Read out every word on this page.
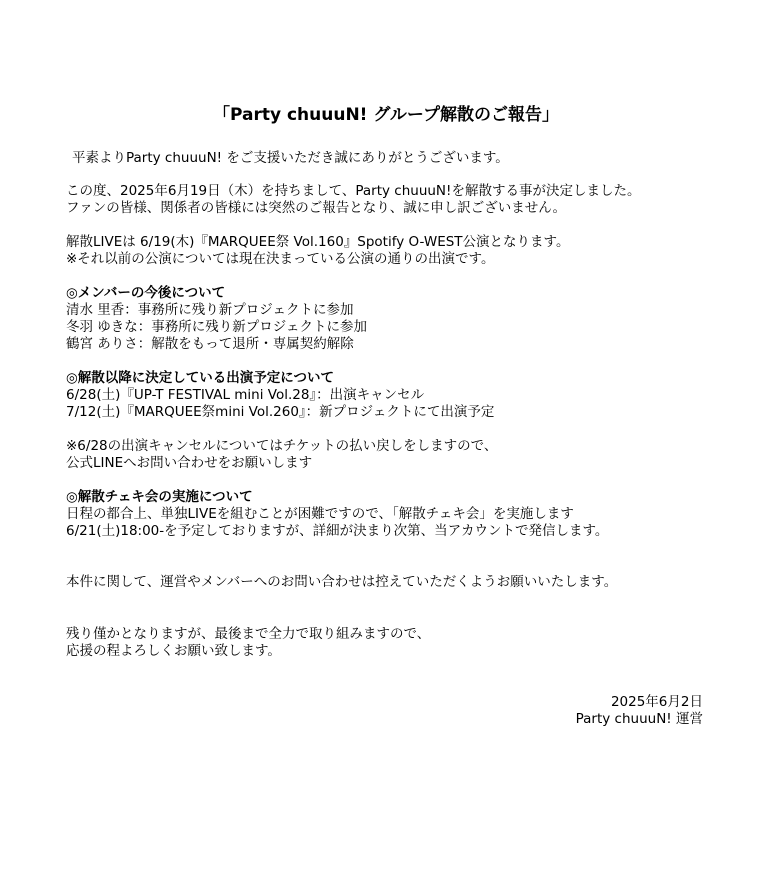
「Party chuuuN! グループ解散のご報告」
平素よりParty chuuuN! をご支援いただき誠にありがとうございます。
この度、2025年6月19日（木）を持ちまして、Party chuuuN!を解散する事が決定しました。
ファンの皆様、関係者の皆様には突然のご報告となり、誠に申し訳ございません。
解散LIVEは 6/19(木)『MARQUEE祭 Vol.160』Spotify O-WEST公演となります。
※それ以前の公演については現在決まっている公演の通りの出演です。
◎メンバーの今後について
清水 里香：事務所に残り新プロジェクトに参加
冬羽 ゆきな：事務所に残り新プロジェクトに参加
鶴宮 ありさ：解散をもって退所・専属契約解除
◎解散以降に決定している出演予定について
6/28(土)『UP-T FESTIVAL mini Vol.28』：出演キャンセル
7/12(土)『MARQUEE祭mini Vol.260』：新プロジェクトにて出演予定
※6/28の出演キャンセルについてはチケットの払い戻しをしますので、
公式LINEへお問い合わせをお願いします
◎解散チェキ会の実施について
日程の都合上、単独LIVEを組むことが困難ですので、「解散チェキ会」を実施します
6/21(土)18:00-を予定しておりますが、詳細が決まり次第、当アカウントで発信します。
本件に関して、運営やメンバーへのお問い合わせは控えていただくようお願いいたします。
残り僅かとなりますが、最後まで全力で取り組みますので、
応援の程よろしくお願い致します。
2025年6月2日
Party chuuuN! 運営
